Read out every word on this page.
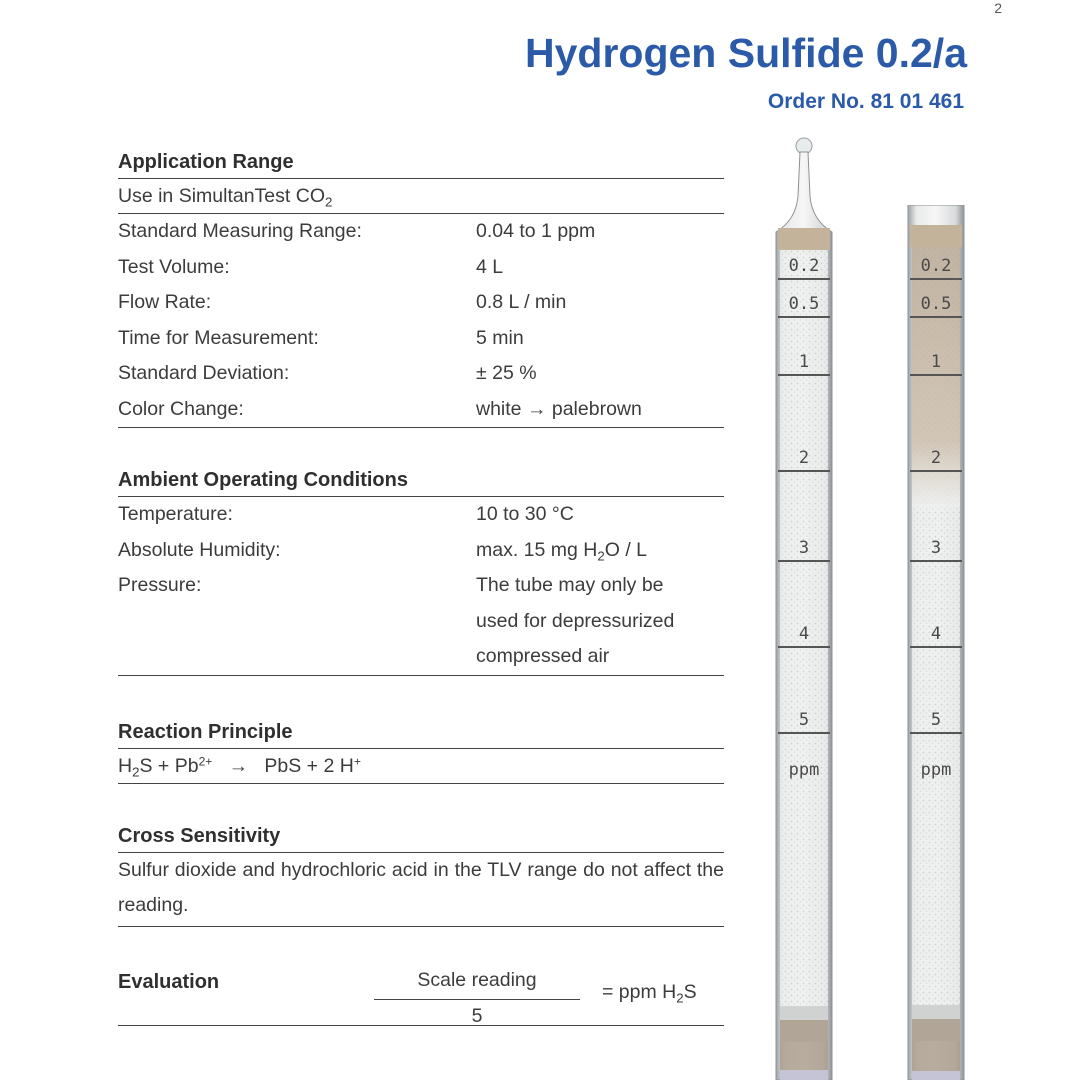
Hydrogen Sulfide 0.2/a
Order No. 81 01 461
2
Application Range
Use in SimultanTest $CO_2$
Standard Measuring Range:	0.04 to 1 ppm
Test Volume:	4 L
Flow Rate:	0.8 L / min
Time for Measurement:	5 min
Standard Deviation:	± 25 %
Color Change:	white → palebrown
Ambient Operating Conditions
Temperature:	10 to 30 °C
Absolute Humidity:	max. 15 mg $H_2O$ / L
Pressure:	The tube may only be
used for depressurized
compressed air
Reaction Principle
$H_2S + Pb^{2+}$ → PbS + 2 H+
Cross Sensitivity
Sulfur dioxide and hydrochloric acid in the TLV range do not affect the reading.
Evaluation	Scale reading
5
= ppm $H_2S$
0.2
0.5
1
2
3
4
5
ppm
0.2
0.5
1
2
3
4
5
ppm
